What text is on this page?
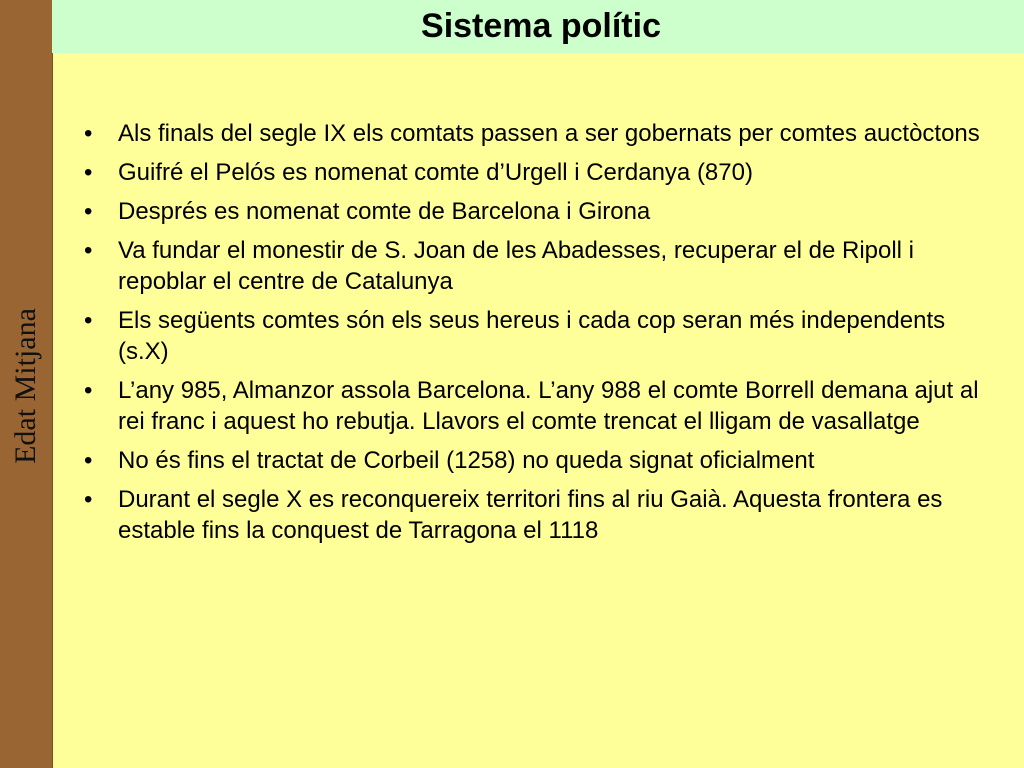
Edat Mitjana
Sistema polític
• Als finals del segle IX els comtats passen a ser gobernats per comtes auctòctons
• Guifré el Pelós es nomenat comte d’Urgell i Cerdanya (870)
• Després es nomenat comte de Barcelona i Girona
• Va fundar el monestir de S. Joan de les Abadesses, recuperar el de Ripoll i repoblar el centre de Catalunya
• Els següents comtes són els seus hereus i cada cop seran més independents (s.X)
• L’any 985, Almanzor assola Barcelona. L’any 988 el comte Borrell demana ajut al rei franc i aquest ho rebutja. Llavors el comte trencat el lligam de vasallatge
• No és fins el tractat de Corbeil (1258) no queda signat oficialment
• Durant el segle X es reconquereix territori fins al riu Gaià. Aquesta frontera es estable fins la conquest de Tarragona el 1118
